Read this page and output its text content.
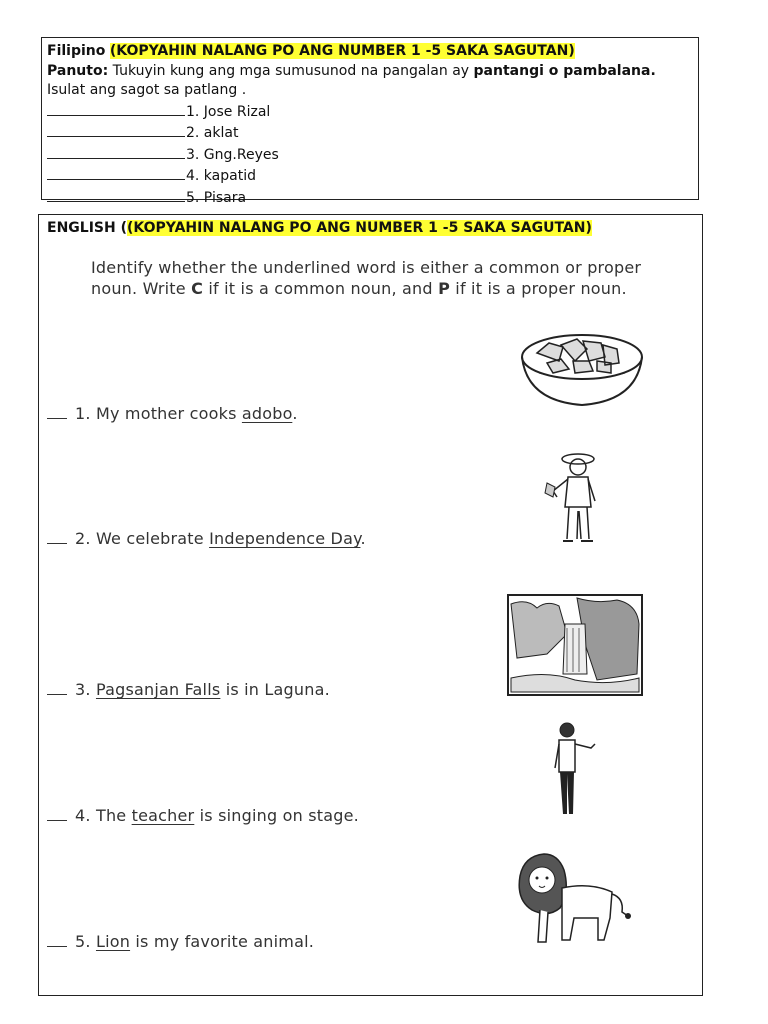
Filipino (KOPYAHIN NALANG PO ANG NUMBER 1 -5 SAKA SAGUTAN)
Panuto: Tukuyin kung ang mga sumusunod na pangalan ay pantangi o pambalana.
Isulat ang sagot sa patlang .
1. Jose Rizal
2. aklat
3. Gng.Reyes
4. kapatid
5. Pisara
ENGLISH ((KOPYAHIN NALANG PO ANG NUMBER 1 -5 SAKA SAGUTAN)
Identify whether the underlined word is either a common or proper noun. Write C if it is a common noun, and P if it is a proper noun.
1. My mother cooks adobo.
2. We celebrate Independence Day.
3. Pagsanjan Falls is in Laguna.
4. The teacher is singing on stage.
5. Lion is my favorite animal.
